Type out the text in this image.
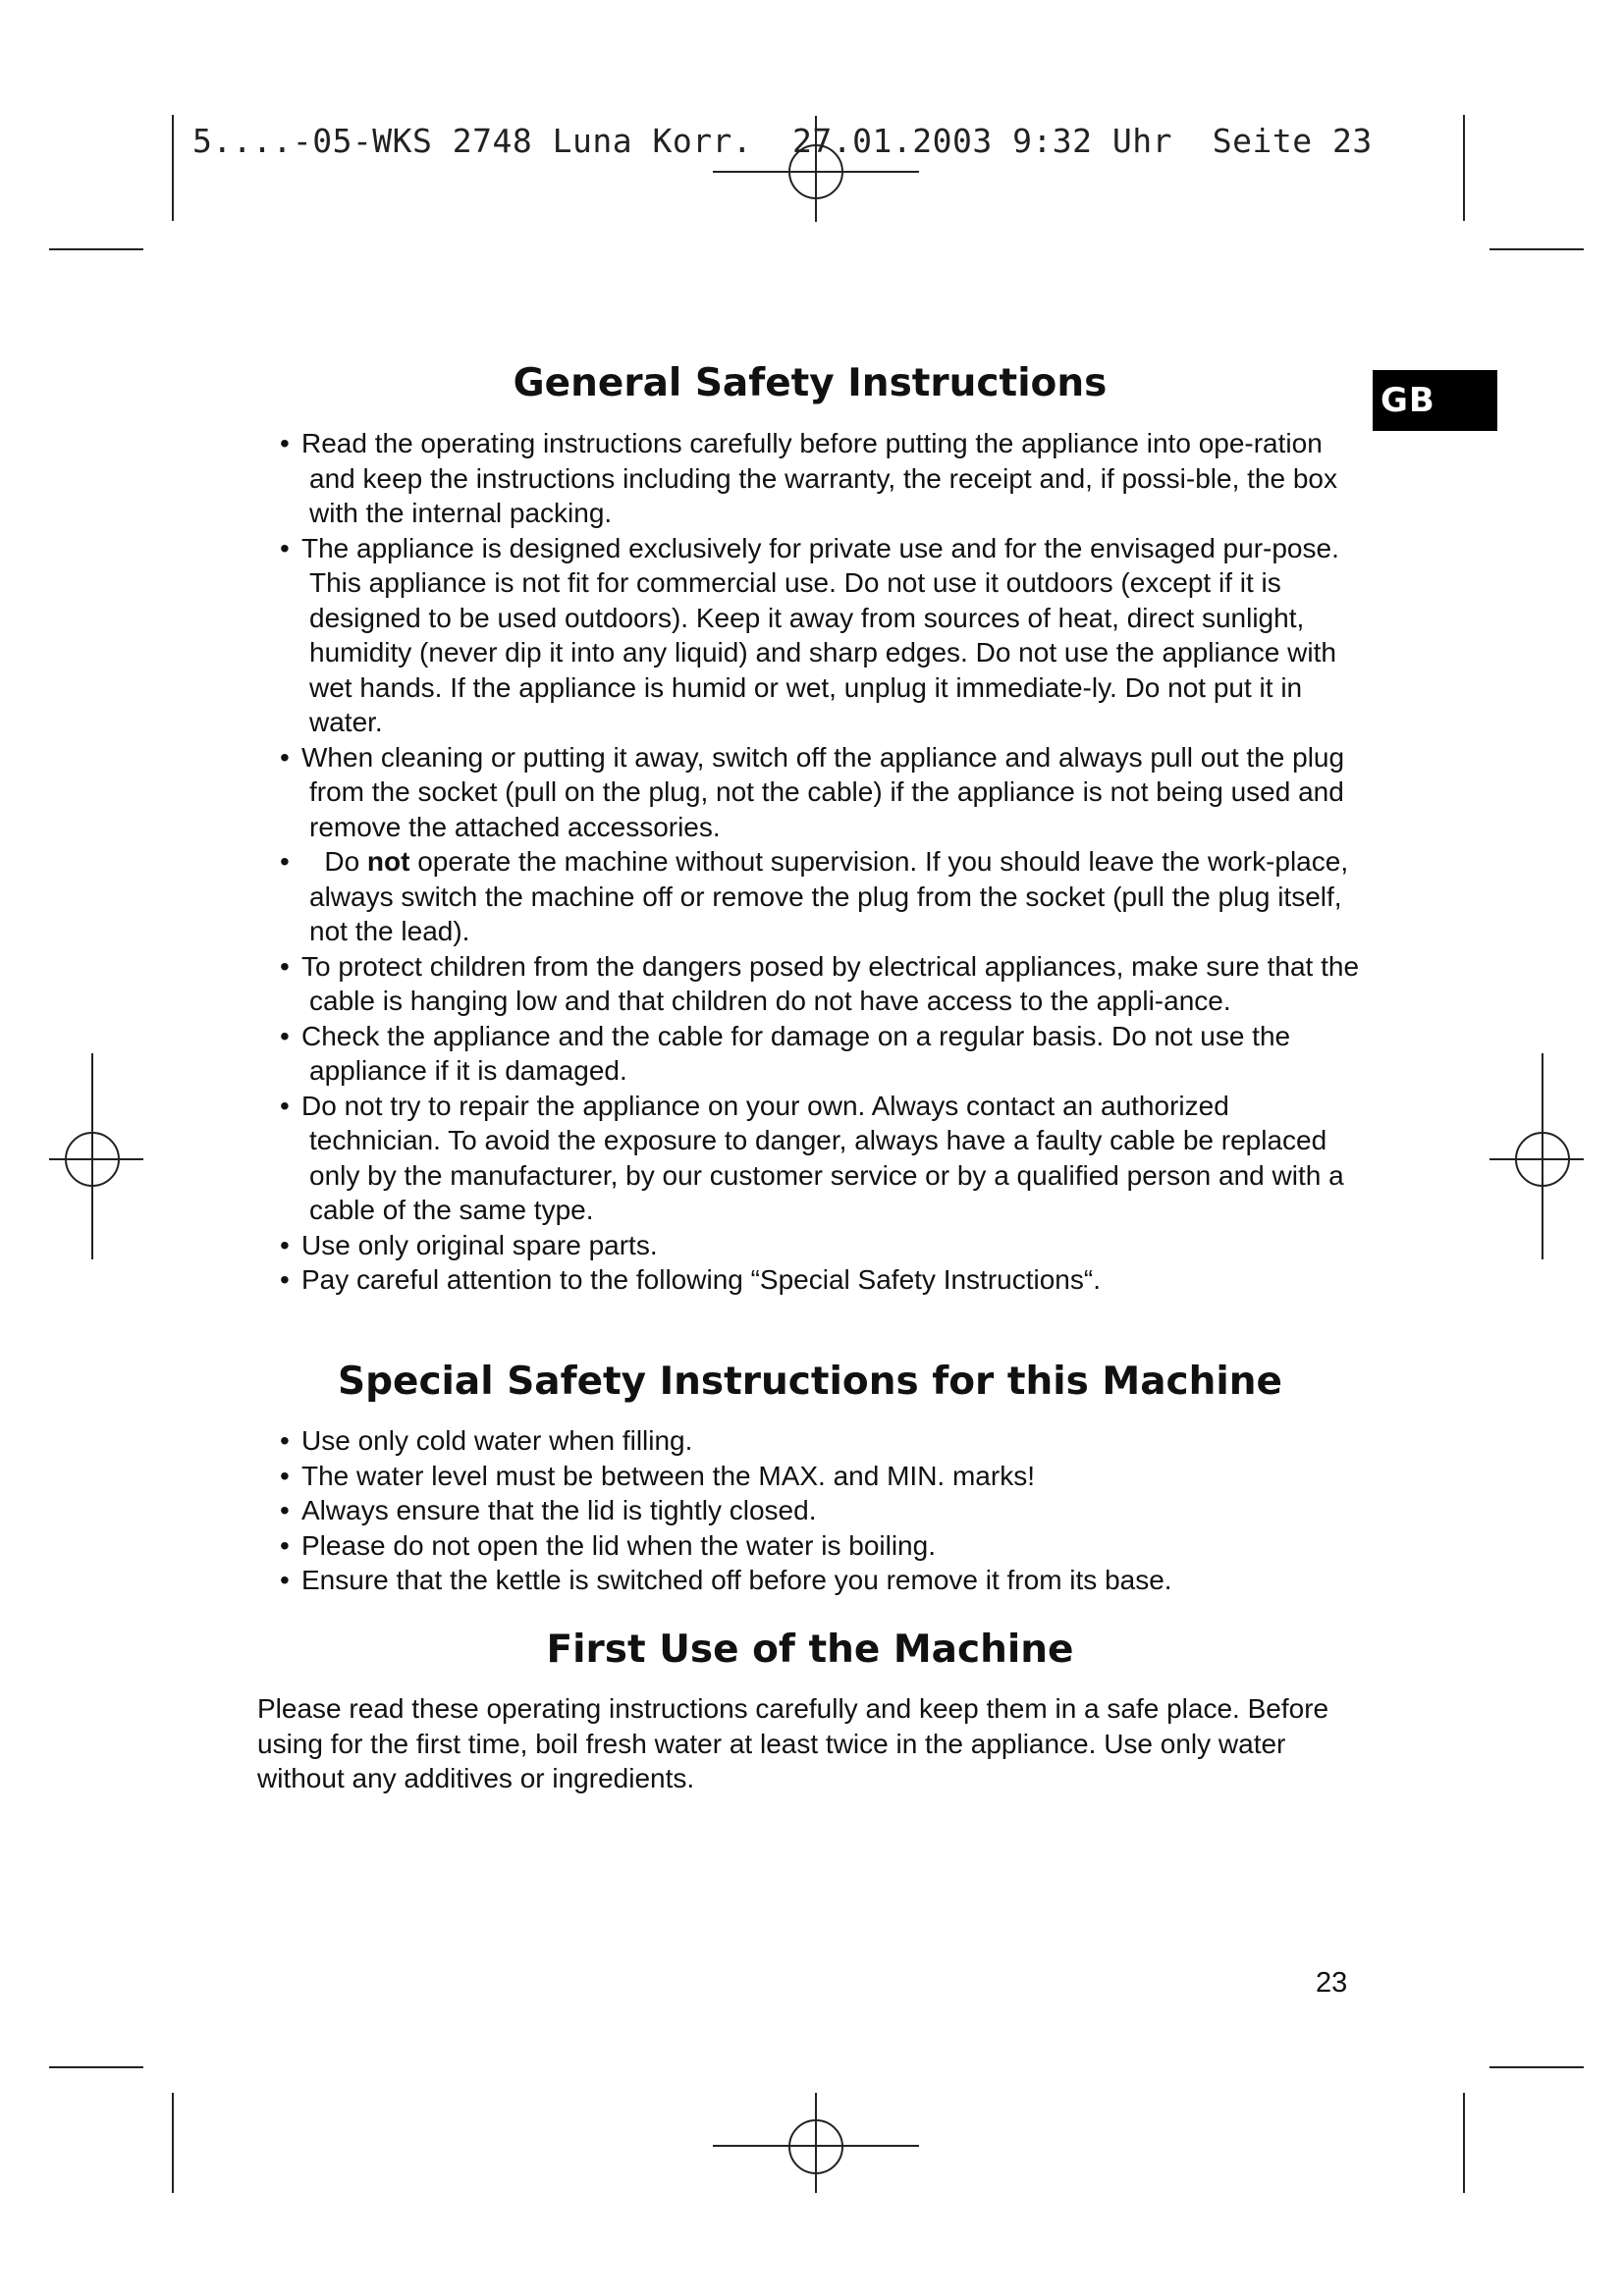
5....-05-WKS 2748 Luna Korr.  27.01.2003 9:32 Uhr  Seite 23
GB
General Safety Instructions
• Read the operating instructions carefully before putting the appliance into ope-ration and keep the instructions including the warranty, the receipt and, if possi-ble, the box with the internal packing.
• The appliance is designed exclusively for private use and for the envisaged pur-pose. This appliance is not fit for commercial use. Do not use it outdoors (except if it is designed to be used outdoors). Keep it away from sources of heat, direct sunlight, humidity (never dip it into any liquid) and sharp edges. Do not use the appliance with wet hands. If the appliance is humid or wet, unplug it immediate-ly. Do not put it in water.
• When cleaning or putting it away, switch off the appliance and always pull out the plug from the socket (pull on the plug, not the cable) if the appliance is not being used and remove the attached accessories.
• Do not operate the machine without supervision. If you should leave the work-place, always switch the machine off or remove the plug from the socket (pull the plug itself, not the lead).
• To protect children from the dangers posed by electrical appliances, make sure that the cable is hanging low and that children do not have access to the appli-ance.
• Check the appliance and the cable for damage on a regular basis. Do not use the appliance if it is damaged.
• Do not try to repair the appliance on your own. Always contact an authorized technician. To avoid the exposure to danger, always have a faulty cable be replaced only by the manufacturer, by our customer service or by a qualified person and with a cable of the same type.
• Use only original spare parts.
• Pay careful attention to the following “Special Safety Instructions“.
Special Safety Instructions for this Machine
• Use only cold water when filling.
• The water level must be between the MAX. and MIN. marks!
• Always ensure that the lid is tightly closed.
• Please do not open the lid when the water is boiling.
• Ensure that the kettle is switched off before you remove it from its base.
First Use of the Machine

Please read these operating instructions carefully and keep them in a safe place. Before using for the first time, boil fresh water at least twice in the appliance. Use only water without any additives or ingredients.

23
